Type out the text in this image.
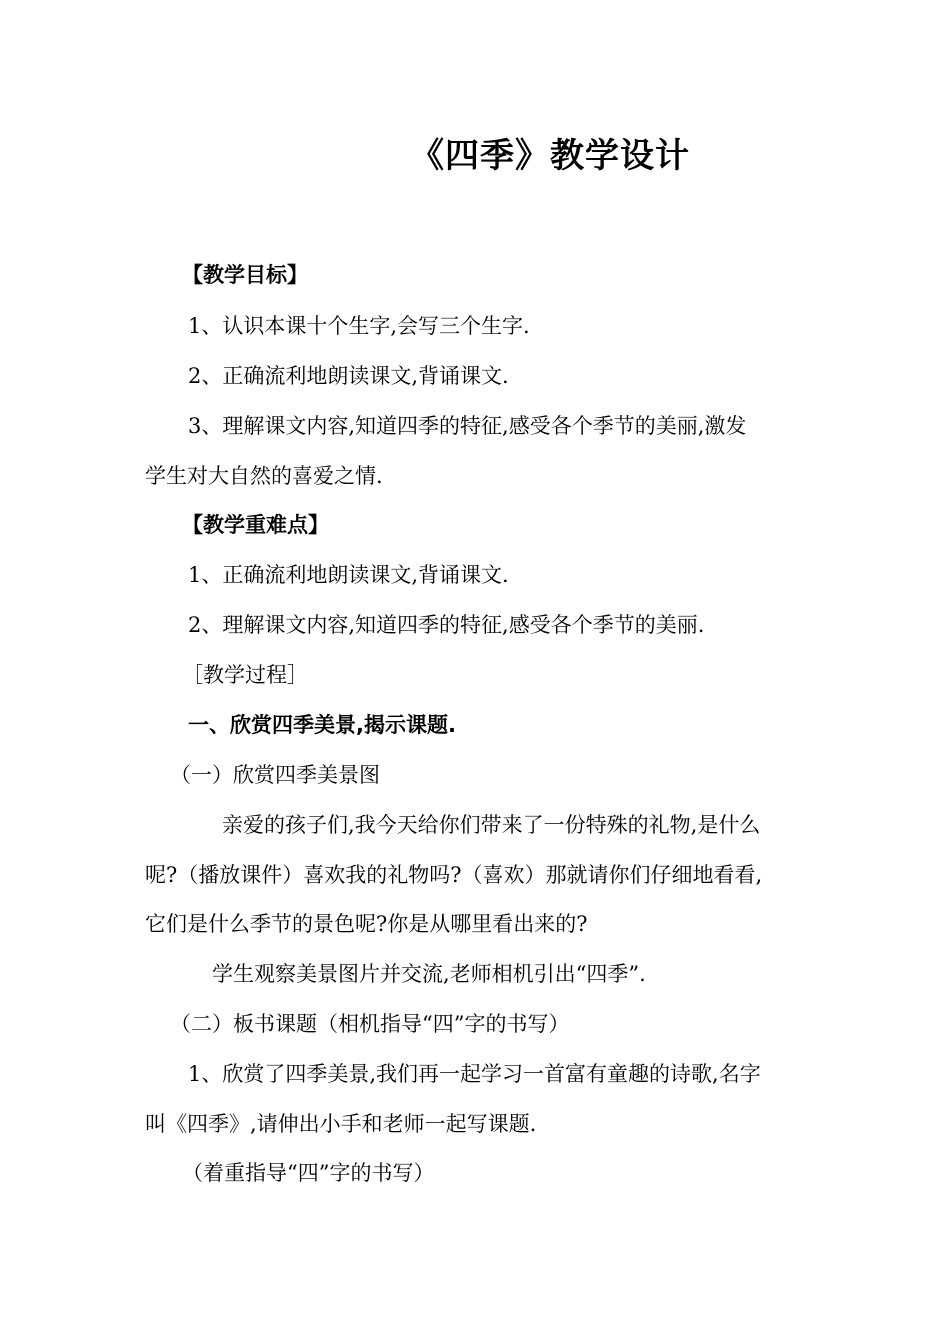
《四季》教学设计
【教学目标】
1、认识本课十个生字,会写三个生字.
2、正确流利地朗读课文,背诵课文.
3、理解课文内容,知道四季的特征,感受各个季节的美丽,激发
学生对大自然的喜爱之情.
【教学重难点】
1、正确流利地朗读课文,背诵课文.
2、理解课文内容,知道四季的特征,感受各个季节的美丽.
［教学过程］
一、欣赏四季美景,揭示课题.
（一）欣赏四季美景图
亲爱的孩子们,我今天给你们带来了一份特殊的礼物,是什么
呢?（播放课件）喜欢我的礼物吗?（喜欢）那就请你们仔细地看看,
它们是什么季节的景色呢?你是从哪里看出来的?
学生观察美景图片并交流,老师相机引出“四季”.
（二）板书课题（相机指导“四”字的书写）
1、欣赏了四季美景,我们再一起学习一首富有童趣的诗歌,名字
叫《四季》,请伸出小手和老师一起写课题.
（着重指导“四”字的书写）
